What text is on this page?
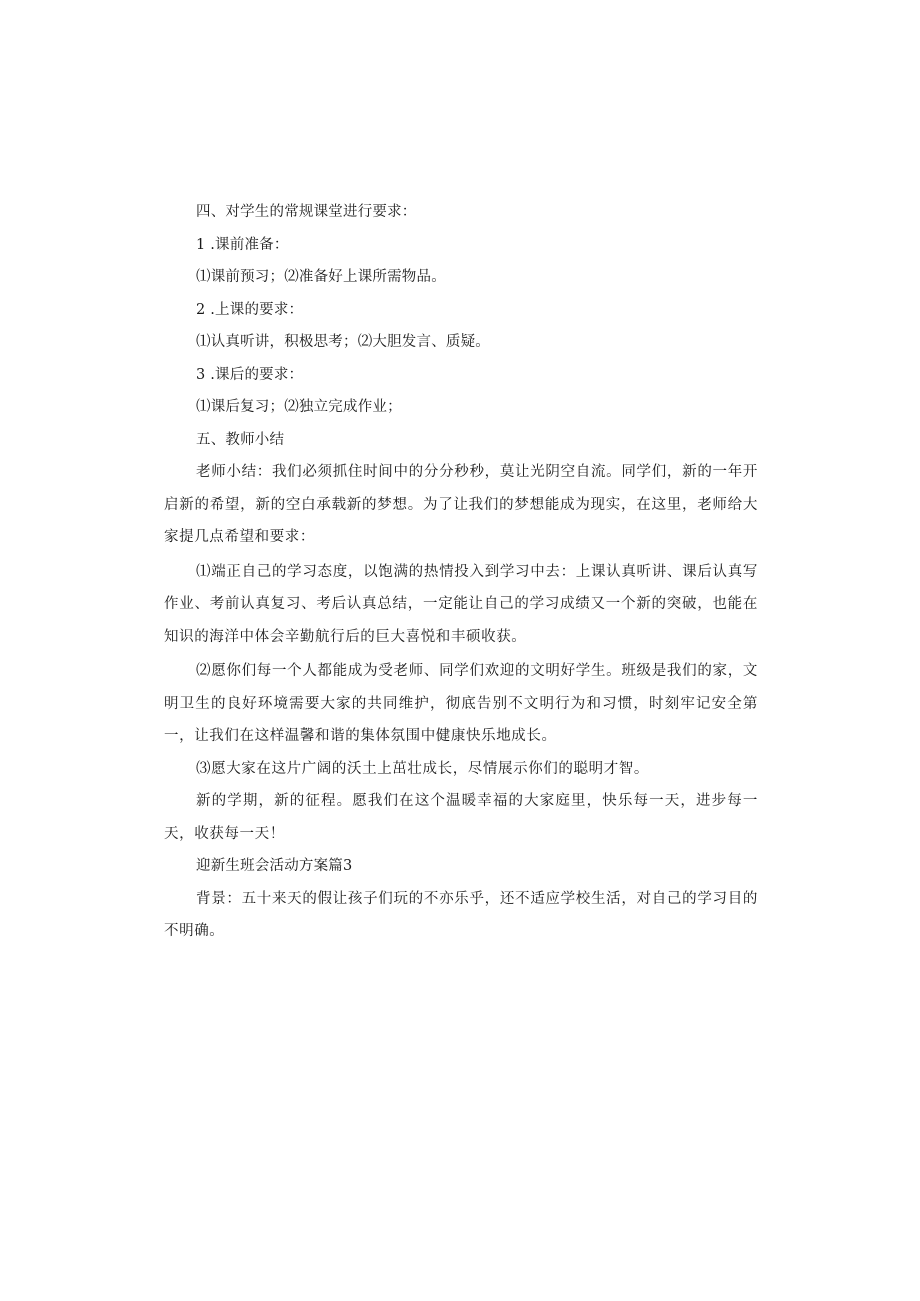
四、对学生的常规课堂进行要求：
1 .课前准备：
⑴课前预习；⑵准备好上课所需物品。
2 .上课的要求：
⑴认真听讲，积极思考；⑵大胆发言、质疑。
3 .课后的要求：
⑴课后复习；⑵独立完成作业；
五、教师小结

老师小结：我们必须抓住时间中的分分秒秒，莫让光阴空自流。同学们，新的一年开启新的希望，新的空白承载新的梦想。为了让我们的梦想能成为现实，在这里，老师给大家提几点希望和要求：

⑴端正自己的学习态度，以饱满的热情投入到学习中去：上课认真听讲、课后认真写作业、考前认真复习、考后认真总结，一定能让自己的学习成绩又一个新的突破，也能在知识的海洋中体会辛勤航行后的巨大喜悦和丰硕收获。

⑵愿你们每一个人都能成为受老师、同学们欢迎的文明好学生。班级是我们的家，文明卫生的良好环境需要大家的共同维护，彻底告别不文明行为和习惯，时刻牢记安全第一，让我们在这样温馨和谐的集体氛围中健康快乐地成长。

⑶愿大家在这片广阔的沃土上茁壮成长，尽情展示你们的聪明才智。

新的学期，新的征程。愿我们在这个温暖幸福的大家庭里，快乐每一天，进步每一天，收获每一天！

迎新生班会活动方案篇3

背景：五十来天的假让孩子们玩的不亦乐乎，还不适应学校生活，对自己的学习目的不明确。
